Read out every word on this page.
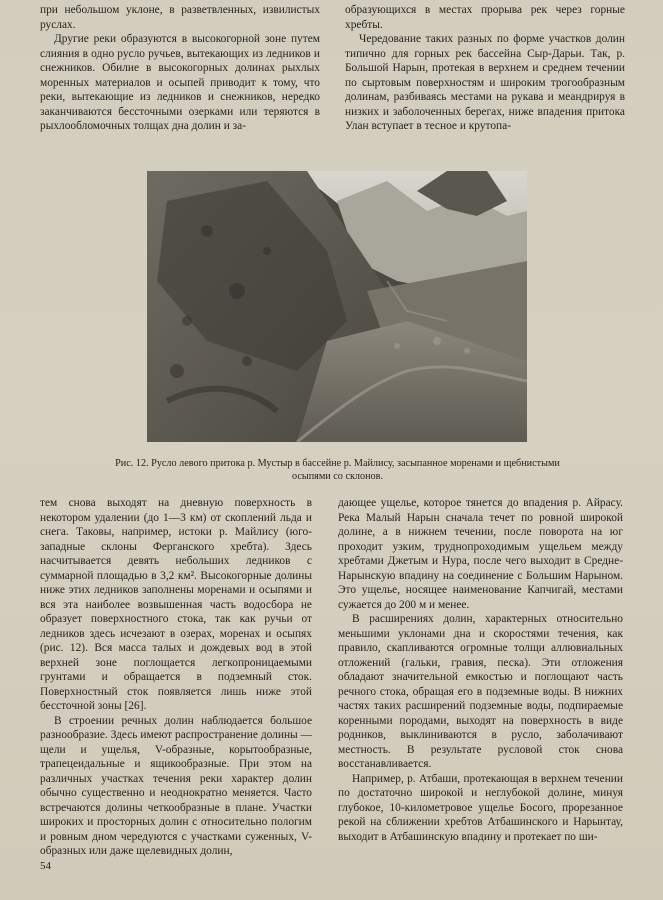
при небольшом уклоне, в разветвленных, извилистых руслах.

Другие реки образуются в высокогорной зоне путем слияния в одно русло ручьев, вытекающих из ледников и снежников. Обилие в высокогорных долинах рыхлых моренных материалов и осыпей приводит к тому, что реки, вытекающие из ледников и снежников, нередко заканчиваются бессточными озерками или теряются в рыхлообломочных толщах дна долин и за-

образующихся в местах прорыва рек через горные хребты.

Чередование таких разных по форме участков долин типично для горных рек бассейна Сыр-Дарьи. Так, р. Большой Нарын, протекая в верхнем и среднем течении по сыртовым поверхностям и широким трогообразным долинам, разбиваясь местами на рукава и меандрируя в низких и заболоченных берегах, ниже впадения притока Улан вступает в тесное и крутопа-

Рис. 12. Русло левого притока р. Мустыр в бассейне р. Майлису, засыпанное моренами и щебнистыми осыпями со склонов.

тем снова выходят на дневную поверхность в некотором удалении (до 1—3 км) от скоплений льда и снега. Таковы, например, истоки р. Майлису (юго-западные склоны Ферганского хребта). Здесь насчитывается девять небольших ледников с суммарной площадью в 3,2 км². Высокогорные долины ниже этих ледников заполнены моренами и осыпями и вся эта наиболее возвышенная часть водосбора не образует поверхностного стока, так как ручьи от ледников здесь исчезают в озерах, моренах и осыпях (рис. 12). Вся масса талых и дождевых вод в этой верхней зоне поглощается легкопроницаемыми грунтами и обращается в подземный сток. Поверхностный сток появляется лишь ниже этой бессточной зоны [26].

В строении речных долин наблюдается большое разнообразие. Здесь имеют распространение долины — щели и ущелья, V-образные, корытообразные, трапецеидальные и ящикообразные. При этом на различных участках течения реки характер долин обычно существенно и неоднократно меняется. Часто встречаются долины четкообразные в плане. Участки широких и просторных долин с относительно пологим и ровным дном чередуются с участками суженных, V-образных или даже щелевидных долин,

дающее ущелье, которое тянется до впадения р. Айрасу. Река Малый Нарын сначала течет по ровной широкой долине, а в нижнем течении, после поворота на юг проходит узким, труднопроходимым ущельем между хребтами Джетым и Нура, после чего выходит в Средне-Нарынскую впадину на соединение с Большим Нарыном. Это ущелье, носящее наименование Капчигай, местами сужается до 200 м и менее.

В расширениях долин, характерных относительно меньшими уклонами дна и скоростями течения, как правило, скапливаются огромные толщи аллювиальных отложений (гальки, гравия, песка). Эти отложения обладают значительной емкостью и поглощают часть речного стока, обращая его в подземные воды. В нижних частях таких расширений подземные воды, подпираемые коренными породами, выходят на поверхность в виде родников, выклиниваются в русло, заболачивают местность. В результате русловой сток снова восстанавливается.

Например, р. Атбаши, протекающая в верхнем течении по достаточно широкой и неглубокой долине, минуя глубокое, 10-километровое ущелье Босого, прорезанное рекой на сближении хребтов Атбашинского и Нарынтау, выходит в Атбашинскую впадину и протекает по ши-

54
